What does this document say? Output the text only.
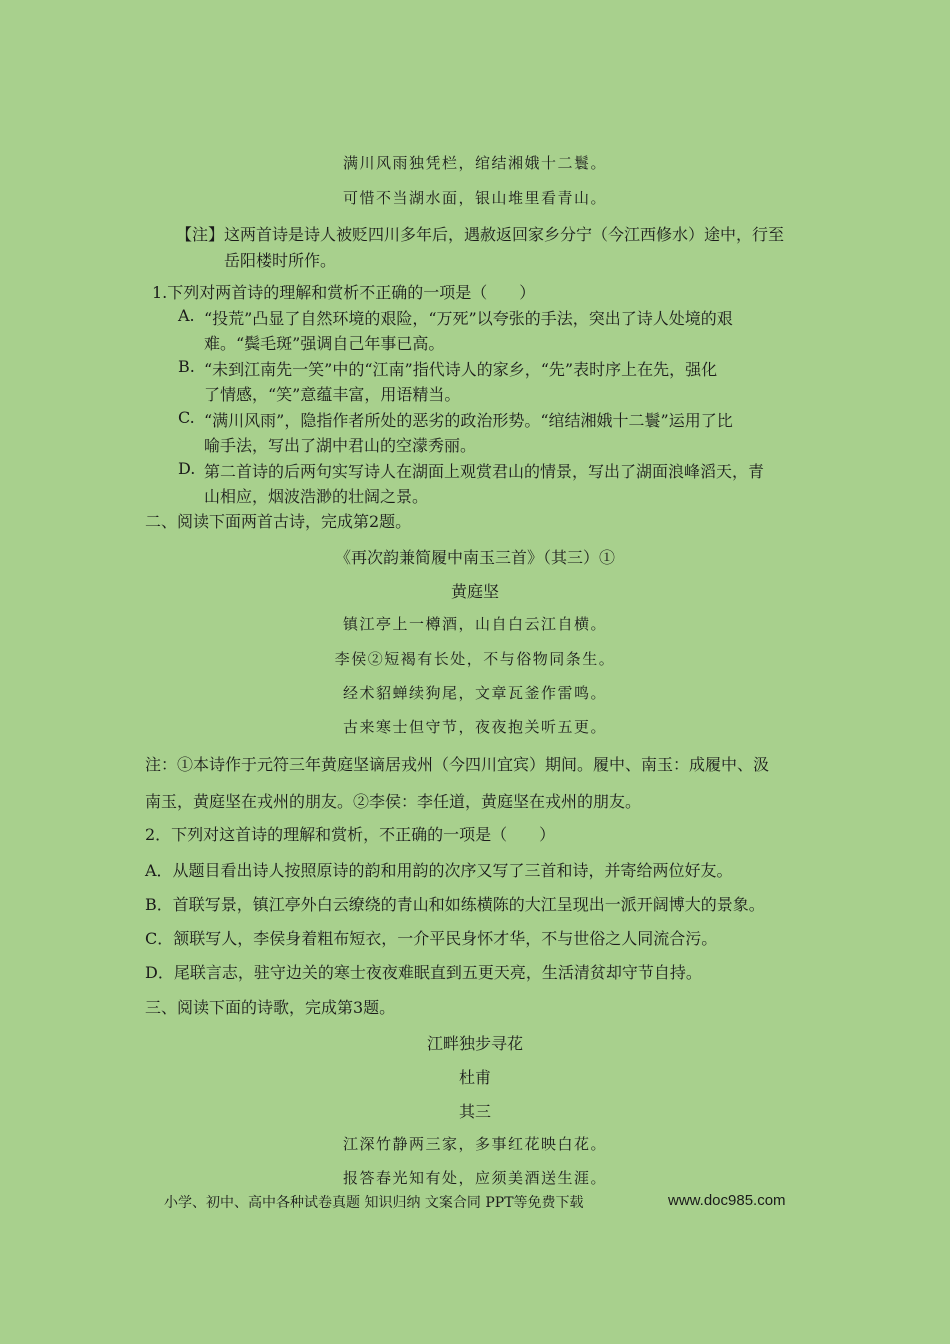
满川风雨独凭栏，绾结湘娥十二鬟。
可惜不当湖水面，银山堆里看青山。
【注】这两首诗是诗人被贬四川多年后，遇赦返回家乡分宁（今江西修水）途中，行至
岳阳楼时所作。
1.下列对两首诗的理解和赏析不正确的一项是（　　）
A. “投荒”凸显了自然环境的艰险，“万死”以夸张的手法，突出了诗人处境的艰
难。“鬓毛斑”强调自己年事已高。
B. “未到江南先一笑”中的“江南”指代诗人的家乡，“先”表时序上在先，强化
了情感，“笑”意蕴丰富，用语精当。
C. “满川风雨”，隐指作者所处的恶劣的政治形势。“绾结湘娥十二鬟”运用了比
喻手法，写出了湖中君山的空濛秀丽。
D. 第二首诗的后两句实写诗人在湖面上观赏君山的情景，写出了湖面浪峰滔天，青
山相应，烟波浩渺的壮阔之景。
二、阅读下面两首古诗，完成第2题。
《再次韵兼简履中南玉三首》（其三）①
黄庭坚
镇江亭上一樽酒，山自白云江自横。
李侯②短褐有长处，不与俗物同条生。
经术貂蝉续狗尾，文章瓦釜作雷鸣。
古来寒士但守节，夜夜抱关听五更。
注：①本诗作于元符三年黄庭坚谪居戎州（今四川宜宾）期间。履中、南玉：成履中、汲
南玉，黄庭坚在戎州的朋友。②李侯：李任道，黄庭坚在戎州的朋友。
2．下列对这首诗的理解和赏析，不正确的一项是（　　）
A．从题目看出诗人按照原诗的韵和用韵的次序又写了三首和诗，并寄给两位好友。
B．首联写景，镇江亭外白云缭绕的青山和如练横陈的大江呈现出一派开阔博大的景象。
C．颔联写人，李侯身着粗布短衣，一介平民身怀才华，不与世俗之人同流合污。
D．尾联言志，驻守边关的寒士夜夜难眠直到五更天亮，生活清贫却守节自持。
三、阅读下面的诗歌，完成第3题。
江畔独步寻花
杜甫
其三
江深竹静两三家，多事红花映白花。
报答春光知有处，应须美酒送生涯。
小学、初中、高中各种试卷真题 知识归纳 文案合同 PPT等免费下载	www.doc985.com
